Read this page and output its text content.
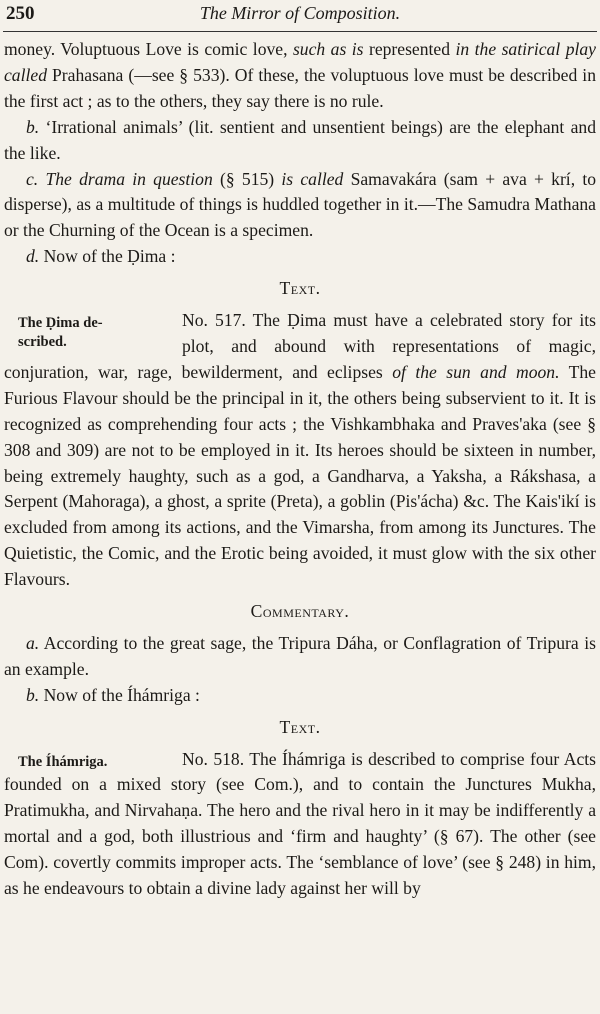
250	The Mirror of Composition.

money. Voluptuous Love is comic love, such as is represented in the satirical play called Prahasana (—see § 533). Of these, the voluptuous love must be described in the first act ; as to the others, they say there is no rule.

b. ‘Irrational animals’ (lit. sentient and unsentient beings) are the elephant and the like.

c. The drama in question (§ 515) is called Samavakára (sam + ava + krí, to disperse), as a multitude of things is huddled together in it.—The Samudra Mathana or the Churning of the Ocean is a specimen.

d. Now of the Ḍima :

Text.
The Ḍima de-
scribed.

No. 517. The Ḍima must have a celebrated story for its plot, and abound with representations of magic, conjuration, war, rage, bewilderment, and eclipses of the sun and moon. The Furious Flavour should be the principal in it, the others being subservient to it. It is recognized as comprehending four acts ; the Vishkambhaka and Praves'aka (see § 308 and 309) are not to be employed in it. Its heroes should be sixteen in number, being extremely haughty, such as a god, a Gandharva, a Yaksha, a Rákshasa, a Serpent (Mahoraga), a ghost, a sprite (Preta), a goblin (Pis'ácha) &c. The Kais'ikí is excluded from among its actions, and the Vimarsha, from among its Junctures. The Quietistic, the Comic, and the Erotic being avoided, it must glow with the six other Flavours.

Commentary.

a. According to the great sage, the Tripura Dáha, or Conflagration of Tripura is an example.

b. Now of the Íhámriga :

Text.
The Íhámriga.	No. 518. The Íhámriga is described to comprise four Acts founded on a mixed story (see Com.), and to contain the Junctures Mukha, Pratimukha, and Nirvahaṇa. The hero and the rival hero in it may be indifferently a mortal and a god, both illustrious and ‘firm and haughty’ (§ 67). The other (see Com). covertly commits improper acts. The ‘semblance of love’ (see § 248) in him, as he endeavours to obtain a divine lady against her will by
